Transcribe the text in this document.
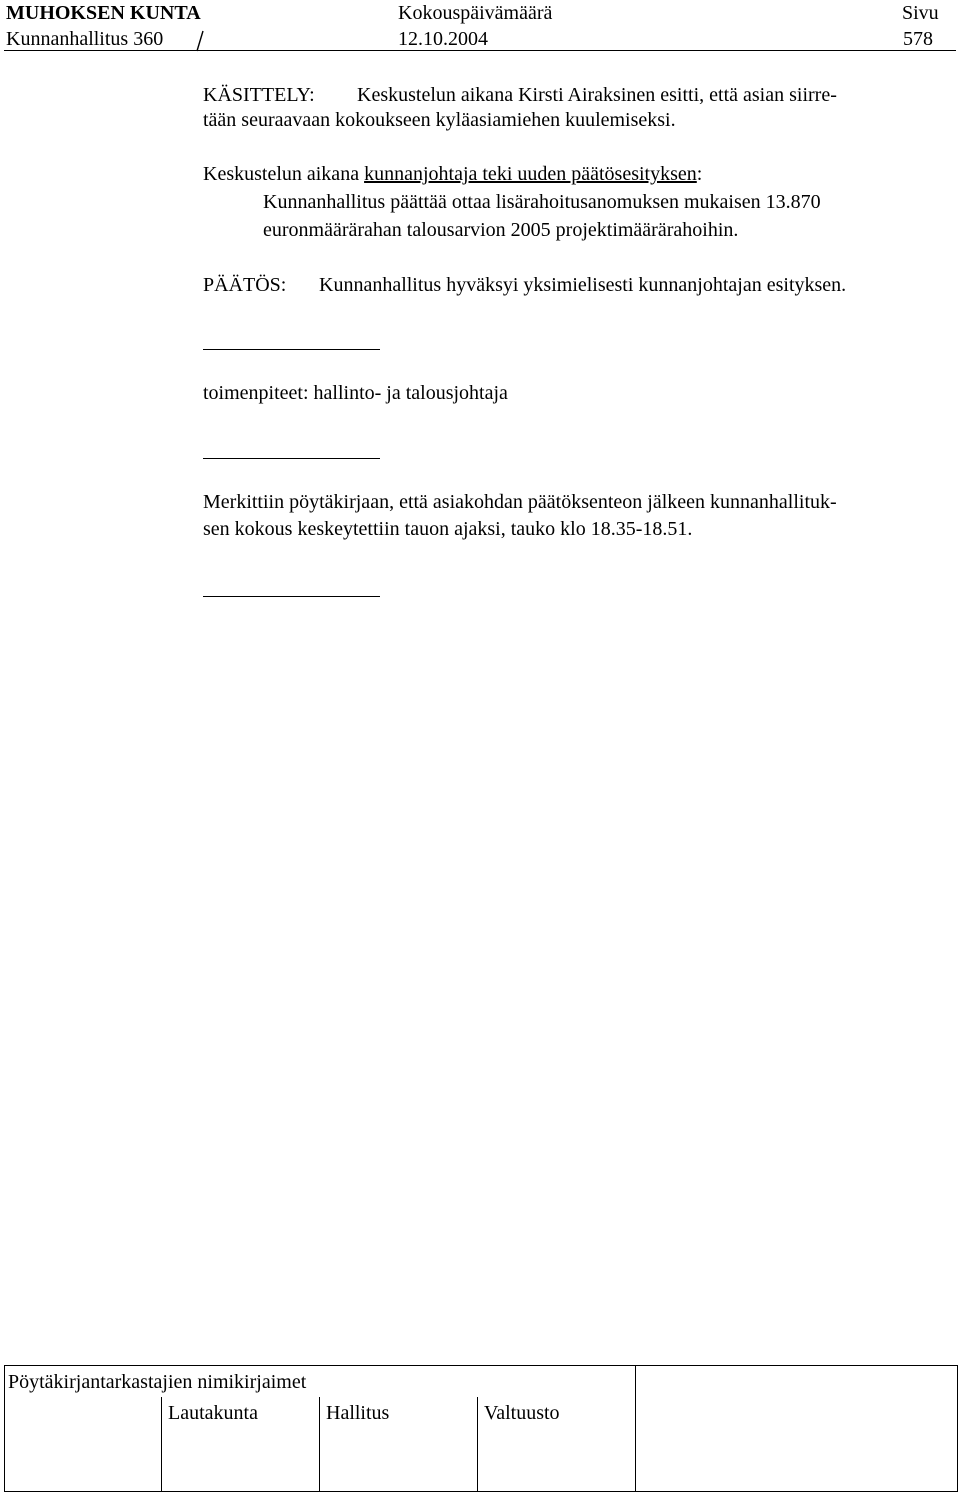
MUHOKSEN KUNTA	Kokouspäivämäärä	Sivu
Kunnanhallitus 360	12.10.2004	578
KÄSITTELY: Keskustelun aikana Kirsti Airaksinen esitti, että asian siirre-
tään seuraavaan kokoukseen kyläasiamiehen kuulemiseksi.
Keskustelun aikana kunnanjohtaja teki uuden päätösesityksen:
Kunnanhallitus päättää ottaa lisärahoitusanomuksen mukaisen 13.870
euronmäärärahan talousarvion 2005 projektimäärärahoihin.
PÄÄTÖS: Kunnanhallitus hyväksyi yksimielisesti kunnanjohtajan esityksen.
toimenpiteet: hallinto- ja talousjohtaja
Merkittiin pöytäkirjaan, että asiakohdan päätöksenteon jälkeen kunnanhallituk-
sen kokous keskeytettiin tauon ajaksi, tauko klo 18.35-18.51.
Pöytäkirjantarkastajien nimikirjaimet
Lautakunta	Hallitus	Valtuusto
